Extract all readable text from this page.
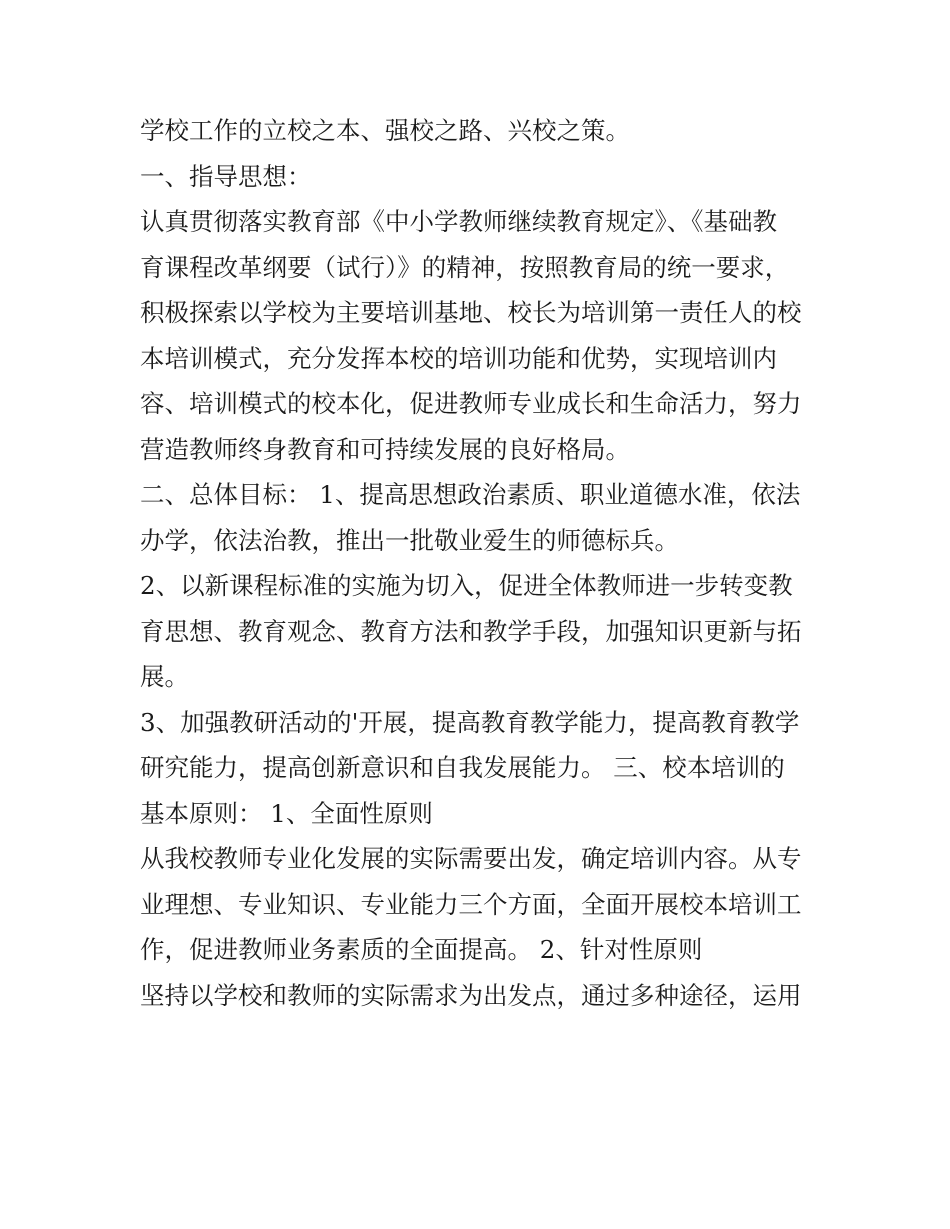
学校工作的立校之本、强校之路、兴校之策。
一、指导思想：
认真贯彻落实教育部《中小学教师继续教育规定》、《基础教
育课程改革纲要（试行）》的精神，按照教育局的统一要求，
积极探索以学校为主要培训基地、校长为培训第一责任人的校
本培训模式，充分发挥本校的培训功能和优势，实现培训内
容、培训模式的校本化，促进教师专业成长和生命活力，努力
营造教师终身教育和可持续发展的良好格局。
二、总体目标： 1、提高思想政治素质、职业道德水准，依法
办学，依法治教，推出一批敬业爱生的师德标兵。
2、以新课程标准的实施为切入，促进全体教师进一步转变教
育思想、教育观念、教育方法和教学手段，加强知识更新与拓
展。
3、加强教研活动的'开展，提高教育教学能力，提高教育教学
研究能力，提高创新意识和自我发展能力。 三、校本培训的
基本原则： 1、全面性原则
从我校教师专业化发展的实际需要出发，确定培训内容。从专
业理想、专业知识、专业能力三个方面，全面开展校本培训工
作，促进教师业务素质的全面提高。 2、针对性原则
坚持以学校和教师的实际需求为出发点，通过多种途径，运用
